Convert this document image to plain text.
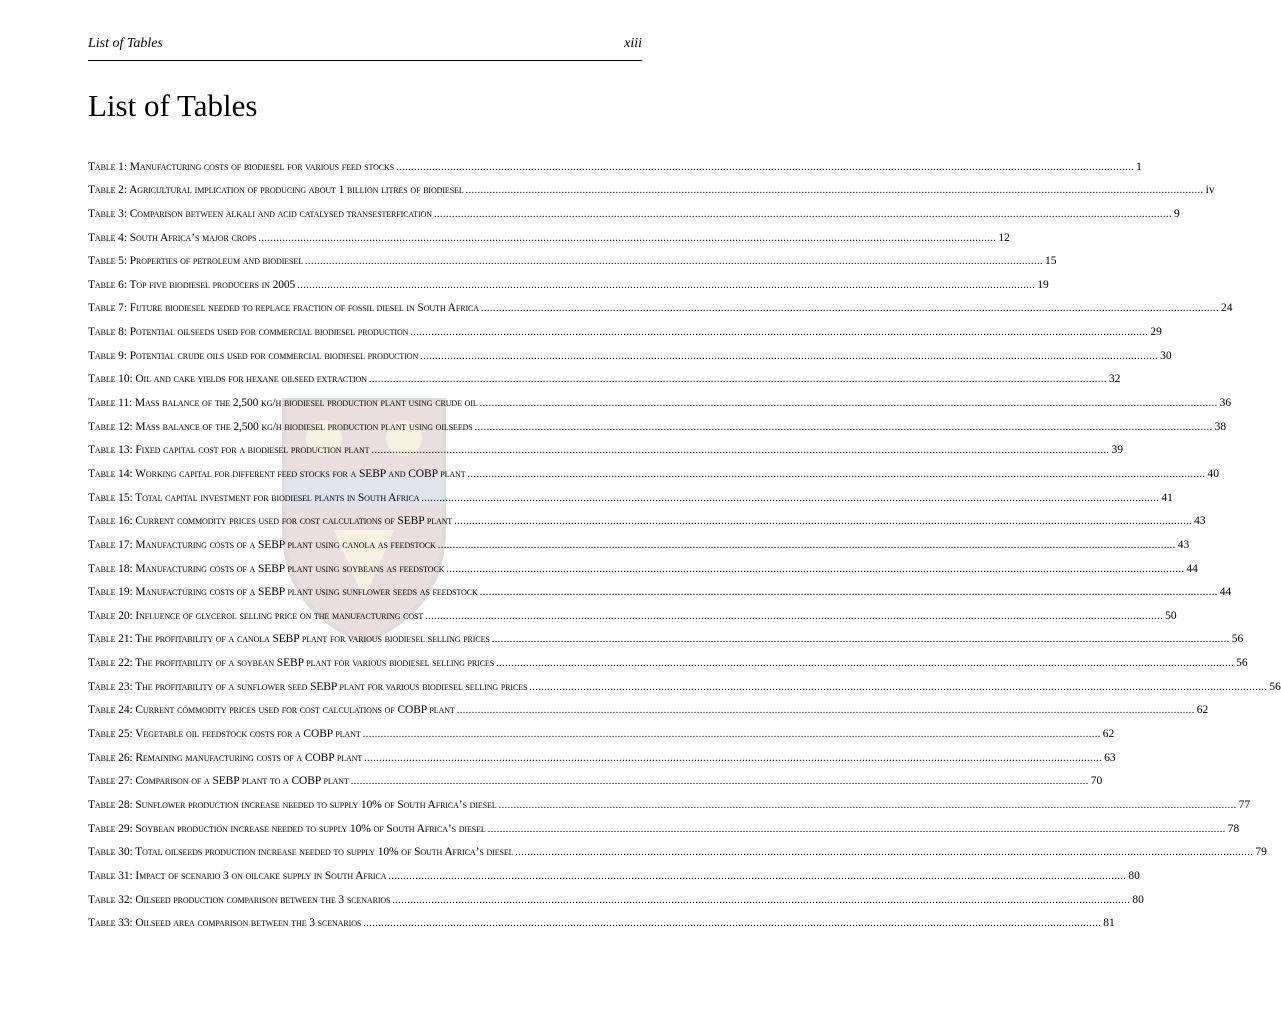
List of Tables	xiii
List of Tables
Table 1: Manufacturing costs of biodiesel for various feed stocks .....	1
Table 2: Agricultural implication of producing about 1 billion litres of biodiesel .....	iv
Table 3: Comparison between alkali and acid catalysed transesterfication .....	9
Table 4: South Africa’s major crops .....	12
Table 5: Properties of petroleum and biodiesel .....	15
Table 6: Top five biodiesel producers in 2005 .....	19
Table 7: Future biodiesel needed to replace fraction of fossil diesel in South Africa .....	24
Table 8: Potential oilseeds used for commercial biodiesel production .....	29
Table 9: Potential crude oils used for commercial biodiesel production .....	30
Table 10: Oil and cake yields for hexane oilseed extraction .....	32
Table 11: Mass balance of the 2,500 kg/h biodiesel production plant using crude oil .....	36
Table 12: Mass balance of the 2,500 kg/h biodiesel production plant using oilseeds .....	38
Table 13: Fixed capital cost for a biodiesel production plant .....	39
Table 14: Working capital for different feed stocks for a SEBP and COBP plant .....	40
Table 15: Total capital investment for biodiesel plants in South Africa .....	41
Table 16: Current commodity prices used for cost calculations of SEBP plant .....	43
Table 17: Manufacturing costs of a SEBP plant using canola as feedstock .....	43
Table 18: Manufacturing costs of a SEBP plant using soybeans as feedstock .....	44
Table 19: Manufacturing costs of a SEBP plant using sunflower seeds as feedstock .....	44
Table 20: Influence of glycerol selling price on the manufacturing cost .....	50
Table 21: The profitability of a canola SEBP plant for various biodiesel selling prices .....	56
Table 22: The profitability of a soybean SEBP plant for various biodiesel selling prices .....	56
Table 23: The profitability of a sunflower seed SEBP plant for various biodiesel selling prices .....	56
Table 24: Current commodity prices used for cost calculations of COBP plant .....	62
Table 25: Vegetable oil feedstock costs for a COBP plant .....	62
Table 26: Remaining manufacturing costs of a COBP plant .....	63
Table 27: Comparison of a SEBP plant to a COBP plant .....	70
Table 28: Sunflower production increase needed to supply 10% of South Africa’s diesel .....	77
Table 29: Soybean production increase needed to supply 10% of South Africa’s diesel .....	78
Table 30: Total oilseeds production increase needed to supply 10% of South Africa’s diesel .....	79
Table 31: Impact of scenario 3 on oilcake supply in South Africa .....	80
Table 32: Oilseed production comparison between the 3 scenarios .....	80
Table 33: Oilseed area comparison between the 3 scenarios .....	81
